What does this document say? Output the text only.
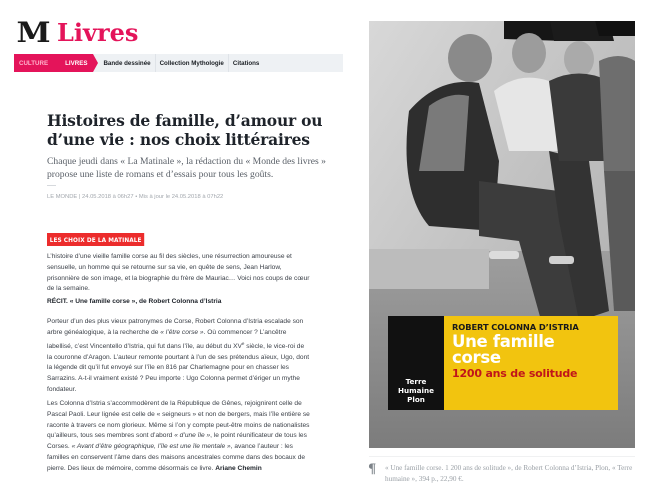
M Livres
CULTURE	LIVRES	Bande dessinée	Collection Mythologie	Citations
Histoires de famille, d’amour ou d’une vie : nos choix littéraires

Chaque jeudi dans « La Matinale », la rédaction du « Monde des livres » propose une liste de romans et d’essais pour tous les goûts.

LE MONDE | 24.05.2018 à 06h27 • Mis à jour le 24.05.2018 à 07h22
LES CHOIX DE LA MATINALE

L’histoire d’une vieille famille corse au fil des siècles, une résurrection amoureuse et sensuelle, un homme qui se retourne sur sa vie, en quête de sens, Jean Harlow, prisonnière de son image, et la biographie du frère de Mauriac… Voici nos coups de cœur de la semaine.

RÉCIT. « Une famille corse », de Robert Colonna d’Istria

Porteur d’un des plus vieux patronymes de Corse, Robert Colonna d’Istria escalade son arbre généalogique, à la recherche de « l’être corse ». Où commencer ? L’ancêtre labellisé, c’est Vincentello d’Istria, qui fut dans l’île, au début du XVe siècle, le vice-roi de la couronne d’Aragon. L’auteur remonte pourtant à l’un de ses prétendus aïeux, Ugo, dont la légende dit qu’il fut envoyé sur l’île en 816 par Charlemagne pour en chasser les Sarrazins. A-t-il vraiment existé ? Peu importe : Ugo Colonna permet d’ériger un mythe fondateur.

Les Colonna d’Istria s’accommodèrent de la République de Gênes, rejoignirent celle de Pascal Paoli. Leur lignée est celle de « seigneurs » et non de bergers, mais l’île entière se raconte à travers ce nom glorieux. Même si l’on y compte peut-être moins de nationalistes qu’ailleurs, tous ses membres sont d’abord « d’une île », le point réunificateur de tous les Corses. « Avant d’être géographique, l’île est une île mentale », avance l’auteur : les familles en conservent l’âme dans des maisons ancestrales comme dans des bocaux de pierre. Des lieux de mémoire, comme désormais ce livre. Ariane Chemin

Terre
Humaine
Plon
ROBERT COLONNA D’ISTRIA
Une famille
corse
1200 ans de solitude
¶ « Une famille corse. 1 200 ans de solitude », de Robert Colonna d’Istria, Plon, « Terre humaine », 394 p., 22,90 €.
